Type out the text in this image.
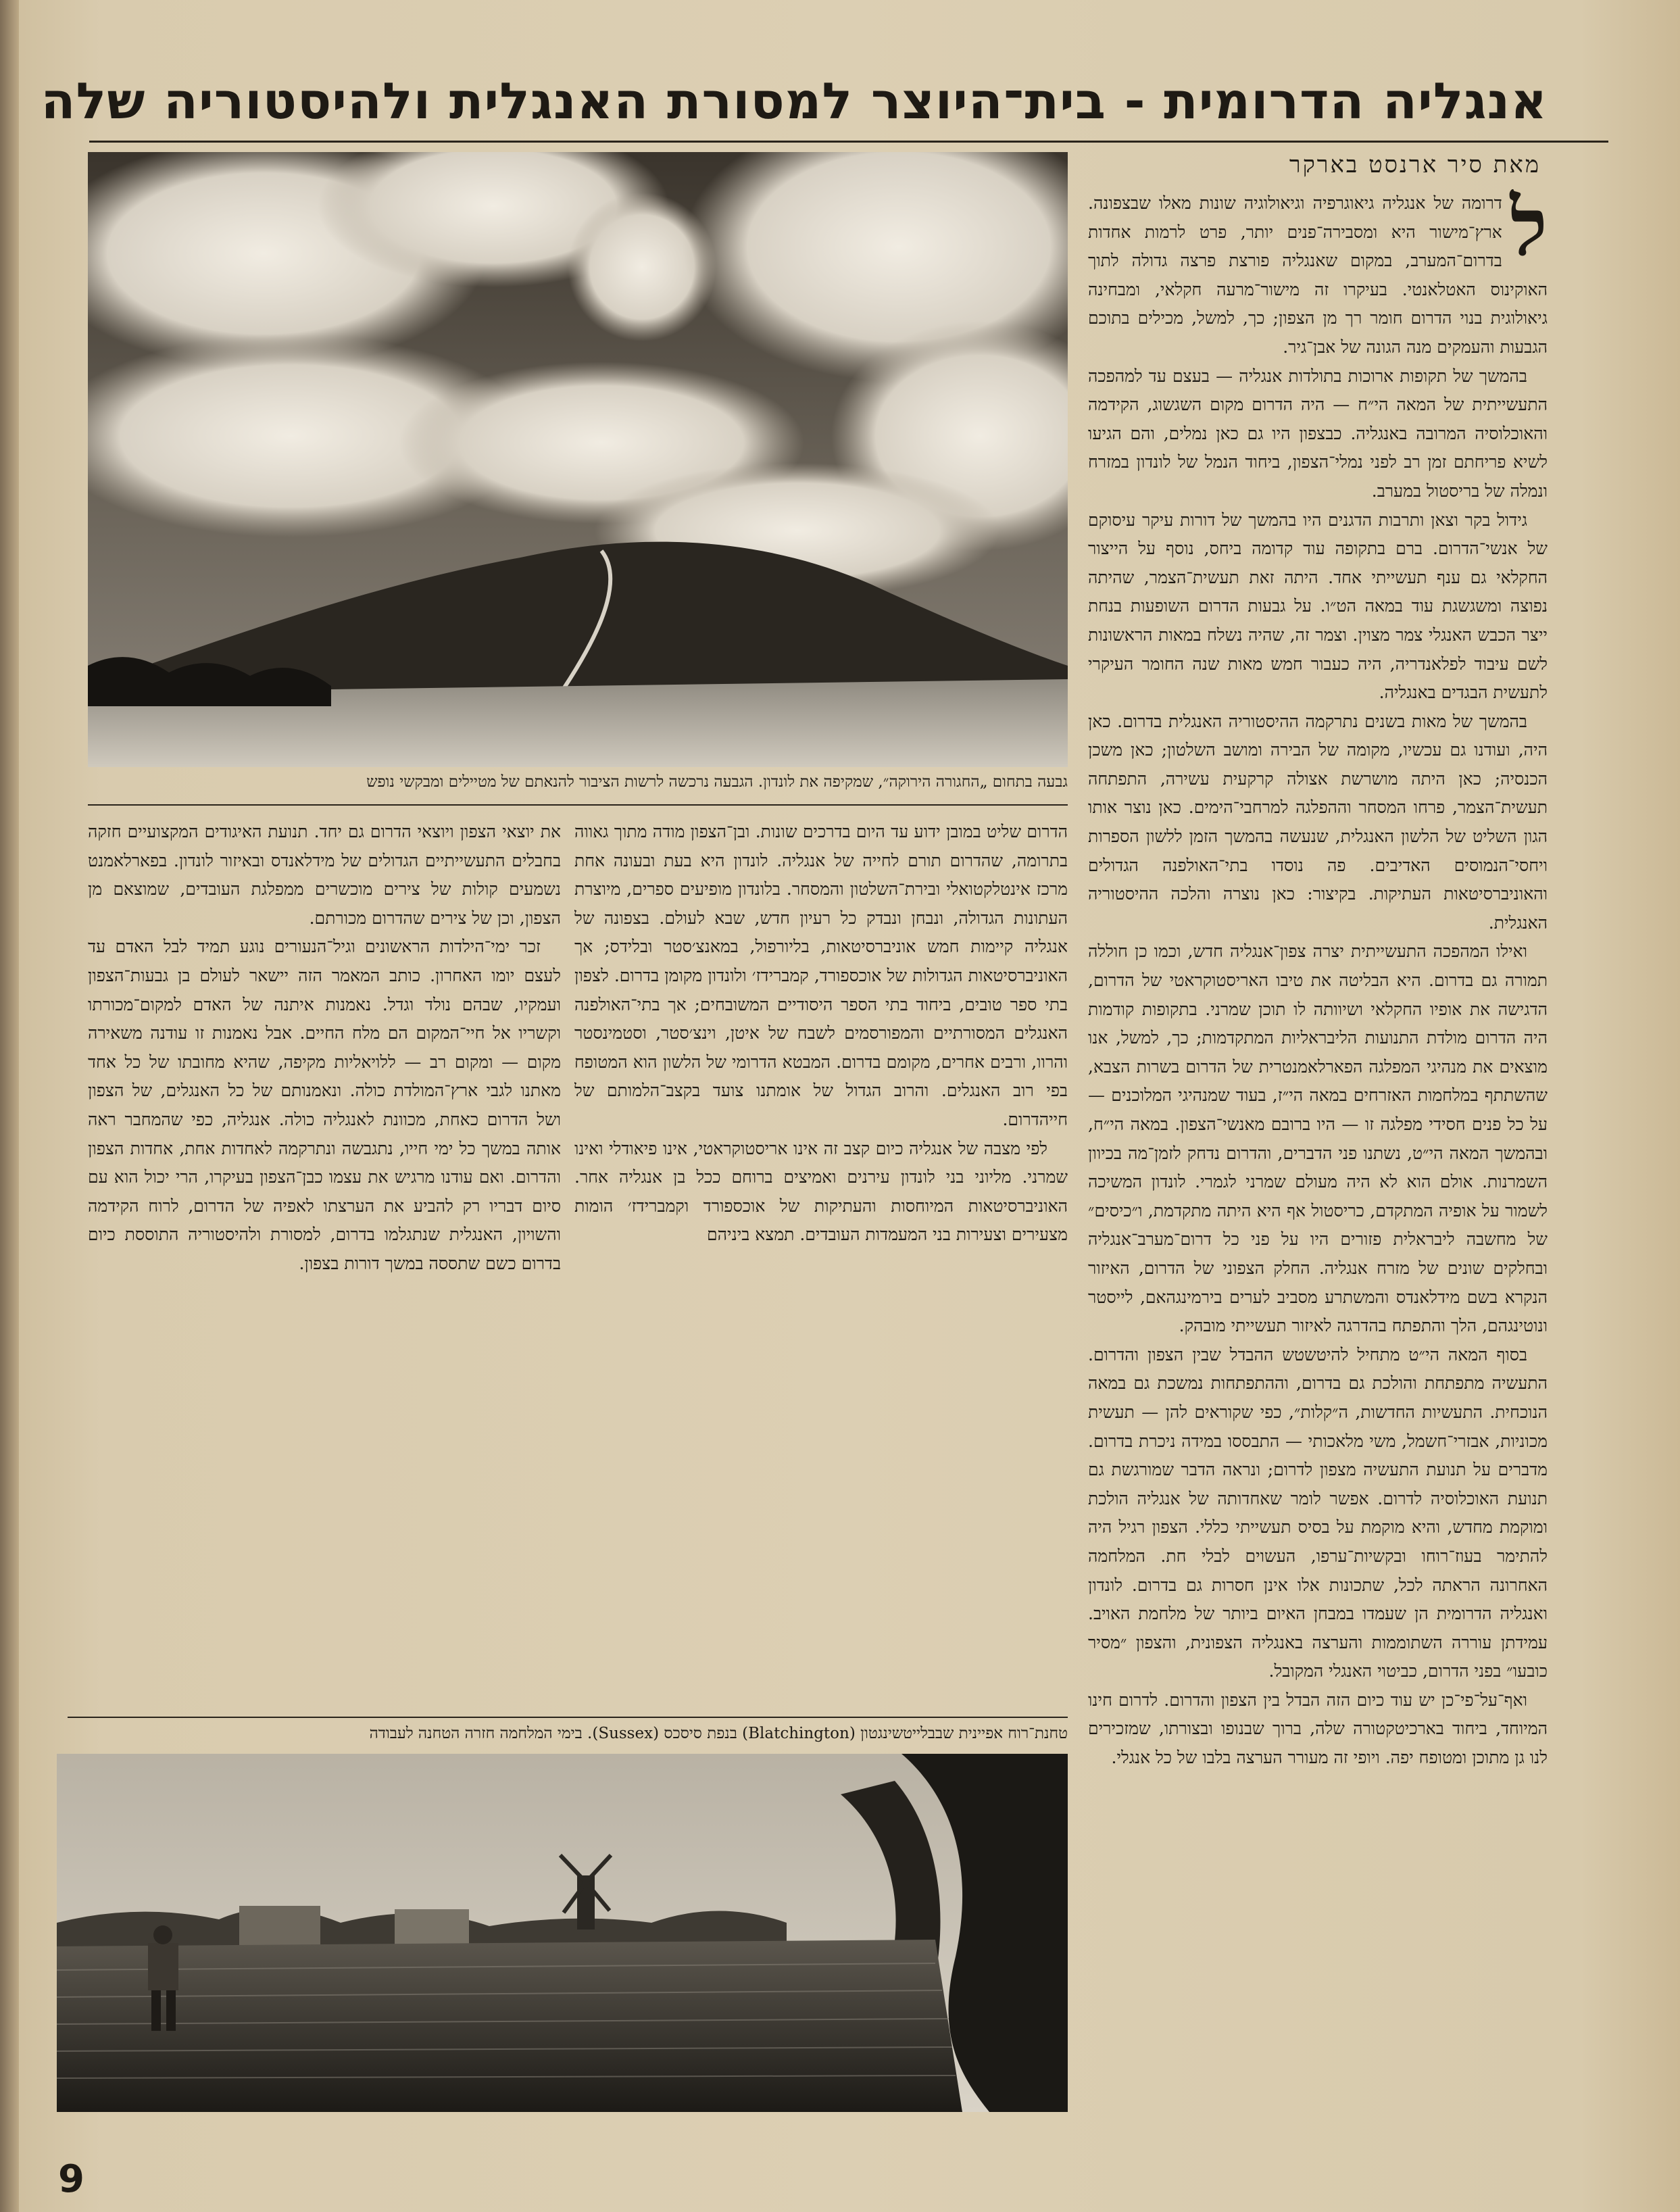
אנגליה הדרומית - בית־היוצר למסורת האנגלית ולהיסטוריה שלה
מאת סיר ארנסט בארקר

ל
דרומה של אנגליה גיאוגרפיה וגיאולוגיה שונות מאלו שבצפונה. ארץ־מישור היא ומסבירה־פנים יותר, פרט לרמות אחדות בדרום־המערב, במקום שאנגליה פורצת פרצה גדולה לתוך האוקינוס האטלאנטי. בעיקרו זה מישור־מרעה חקלאי, ומבחינה גיאולוגית בנוי הדרום חומר רך מן הצפון; כך, למשל, מכילים בתוכם הגבעות והעמקים מנה הגונה של אבן־גיר.

בהמשך של תקופות ארוכות בתולדות אנגליה — בעצם עד למהפכה התעשייתית של המאה הי״ח — היה הדרום מקום השגשוג, הקידמה והאוכלוסיה המרובה באנגליה. כבצפון היו גם כאן נמלים, והם הגיעו לשיא פריחתם זמן רב לפני נמלי־הצפון, ביחוד הנמל של לונדון במזרח ונמלה של בריסטול במערב.

גידול בקר וצאן ותרבות הדגנים היו בהמשך של דורות עיקר עיסוקם של אנשי־הדרום. ברם בתקופה עוד קדומה ביחס, נוסף על הייצור החקלאי גם ענף תעשייתי אחד. היתה זאת תעשית־הצמר, שהיתה נפוצה ומשגשגת עוד במאה הט״ו. על גבעות הדרום השופעות בנחת ייצר הכבש האנגלי צמר מצוין. וצמר זה, שהיה נשלח במאות הראשונות לשם עיבוד לפלאנדריה, היה כעבור חמש מאות שנה החומר העיקרי לתעשית הבגדים באנגליה.

בהמשך של מאות בשנים נתרקמה ההיסטוריה האנגלית בדרום. כאן היה, ועודנו גם עכשיו, מקומה של הבירה ומושב השלטון; כאן משכן הכנסיה; כאן היתה מושרשת אצולה קרקעית עשירה, התפתחה תעשית־הצמר, פרחו המסחר וההפלגה למרחבי־הימים. כאן נוצר אותו הגון השליט של הלשון האנגלית, שנעשה בהמשך הזמן ללשון הספרות ויחסי־הנמוסים האדיבים. פה נוסדו בתי־האולפנה הגדולים והאוניברסיטאות העתיקות. בקיצור: כאן נוצרה והלכה ההיסטוריה האנגלית.

ואילו המהפכה התעשייתית יצרה צפון־אנגליה חדש, וכמו כן חוללה תמורה גם בדרום. היא הבליטה את טיבו האריסטוקראטי של הדרום, הדגישה את אופיו החקלאי ושיוותה לו תוכן שמרני. בתקופות קודמות היה הדרום מולדת התנועות הליבראליות המתקדמות; כך, למשל, אנו מוצאים את מנהיגי המפלגה הפארלאמנטרית של הדרום בשרות הצבא, שהשתתף במלחמות האזרחים במאה הי״ז, בעוד שמנהיגי המלוכנים — על כל פנים חסידי מפלגה זו — היו ברובם מאנשי־הצפון. במאה הי״ח, ובהמשך המאה הי״ט, נשתנו פני הדברים, והדרום נדחק לזמן־מה בכיוון השמרנות. אולם הוא לא היה מעולם שמרני לגמרי. לונדון המשיכה לשמור על אופיה המתקדם, כריסטול אף היא היתה מתקדמת, ו״כיסים״ של מחשבה ליבראלית פזורים היו על פני כל דרום־מערב־אנגליה ובחלקים שונים של מזרח אנגליה. החלק הצפוני של הדרום, האיזור הנקרא בשם מידלאנדס והמשתרע מסביב לערים בירמינגהאם, לייסטר ונוטינגהם, הלך והתפתח בהדרגה לאיזור תעשייתי מובהק.

בסוף המאה הי״ט מתחיל להיטשטש ההבדל שבין הצפון והדרום. התעשיה מתפתחת והולכת גם בדרום, וההתפתחות נמשכת גם במאה הנוכחית. התעשיות החדשות, ה״קלות״, כפי שקוראים להן — תעשית מכוניות, אבזרי־חשמל, משי מלאכותי — התבססו במידה ניכרת בדרום. מדברים על תנועת התעשיה מצפון לדרום; ונראה הדבר שמורגשת גם תנועת האוכלוסיה לדרום. אפשר לומר שאחדותה של אנגליה הולכת ומוקמת מחדש, והיא מוקמת על בסיס תעשייתי כללי. הצפון רגיל היה להתימר בעוז־רוחו ובקשיות־ערפו, העשוים לבלי חת. המלחמה האחרונה הראתה לכל, שתכונות אלו אינן חסרות גם בדרום. לונדון ואנגליה הדרומית הן שעמדו במבחן האיום ביותר של מלחמת האויב. עמידתן עוררה השתוממות והערצה באנגליה הצפונית, והצפון ״מסיר כובעו״ בפני הדרום, כביטוי האנגלי המקובל.

ואף־על־פי־כן יש עוד כיום הזה הבדל בין הצפון והדרום. לדרום חינו המיוחד, ביחוד בארכיטקטורה שלה, ברוך שבנופו ובצורתו, שמזכירים לנו גן מתוכן ומטופח יפה. ויופי זה מעורר הערצה בלבו של כל אנגלי.

גבעה בתחום „החגורה הירוקה״, שמקיפה את לונדון. הגבעה נרכשה לרשות הציבור להנאתם של מטיילים ומבקשי נופש

הדרום שליט במובן ידוע עד היום בדרכים שונות. ובן־הצפון מודה מתוך גאווה בתרומה, שהדרום תורם לחייה של אנגליה. לונדון היא בעת ובעונה אחת מרכז אינטלקטואלי ובירת־השלטון והמסחר. בלונדון מופיעים ספרים, מיוצרת העתונות הגדולה, ונבחן ונבדק כל רעיון חדש, שבא לעולם. בצפונה של אנגליה קיימות חמש אוניברסיטאות, בליורפול, במאנצ׳סטר ובלידס; אך האוניברסיטאות הגדולות של אוכספורד, קמברידז׳ ולונדון מקומן בדרום. לצפון בתי ספר טובים, ביחוד בתי הספר היסודיים המשובחים; אך בתי־האולפנה האנגלים המסורתיים והמפורסמים לשבח של איטן, וינצ׳סטר, וסטמינסטר והרוו, ורבים אחרים, מקומם בדרום. המבטא הדרומי של הלשון הוא המטופח בפי רוב האנגלים. והרוב הגדול של אומתנו צועד בקצב־הלמותם של חייהדרום.

לפי מצבה של אנגליה כיום קצב זה אינו אריסטוקראטי, אינו פיאודלי ואינו שמרני. מליוני בני לונדון עירנים ואמיצים ברוחם ככל בן אנגליה אחר. האוניברסיטאות המיוחסות והעתיקות של אוכספורד וקמברידז׳ הומות מצעירים וצעירות בני המעמדות העובדים. תמצא ביניהם

את יוצאי הצפון ויוצאי הדרום גם יחד. תנועת האיגודים המקצועיים חזקה בחבלים התעשייתיים הגדולים של מידלאנדס ובאיזור לונדון. בפארלאמנט נשמעים קולות של צירים מוכשרים ממפלגת העובדים, שמוצאם מן הצפון, וכן של צירים שהדרום מכורתם.

זכר ימי־הילדות הראשונים וגיל־הנעורים נוגע תמיד לבל האדם עד לעצם יומו האחרון. כותב המאמר הזה יישאר לעולם בן גבעות־הצפון ועמקיו, שבהם נולד וגדל. נאמנות איתנה של האדם למקום־מכורתו וקשריו אל חיי־המקום הם מלח החיים. אבל נאמנות זו עודנה משאירה מקום — ומקום רב — ללויאליות מקיפה, שהיא מחובתו של כל אחד מאתנו לגבי ארץ־המולדת כולה. ונאמנותם של כל האנגלים, של הצפון ושל הדרום כאחת, מכוונת לאנגליה כולה. אנגליה, כפי שהמחבר ראה אותה במשך כל ימי חייו, נתגבשה ונתרקמה לאחדות אחת, אחדות הצפון והדרום. ואם עודנו מרגיש את עצמו כבן־הצפון בעיקרו, הרי יכול הוא עם סיום דבריו רק להביע את הערצתו לאפיה של הדרום, לרוח הקידמה והשויון, האנגלית שנתגלמו בדרום, למסורת ולהיסטוריה התוססת כיום בדרום כשם שתססה במשך דורות בצפון.

טחנת־רוח אפיינית שבבלייטשינגטון (Blatchington) בנפת סיסכס (Sussex). בימי המלחמה חזרה הטחנה לעבודה
9
